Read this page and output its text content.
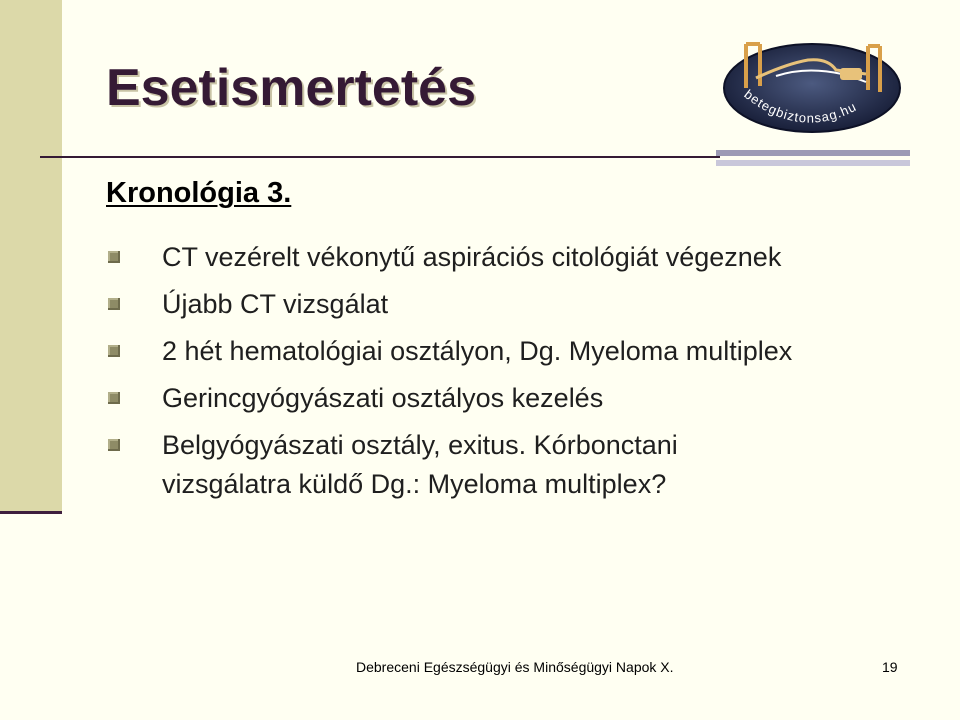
Esetismertetés	betegbiztonsag.hu
Kronológia 3.
CT vezérelt vékonytű aspirációs citológiát végeznek
Újabb CT vizsgálat
2 hét hematológiai osztályon, Dg. Myeloma multiplex
Gerincgyógyászati osztályos kezelés
Belgyógyászati osztály, exitus. Kórbonctani vizsgálatra küldő Dg.: Myeloma multiplex?
Debreceni Egészségügyi és Minőségügyi Napok X.	19
